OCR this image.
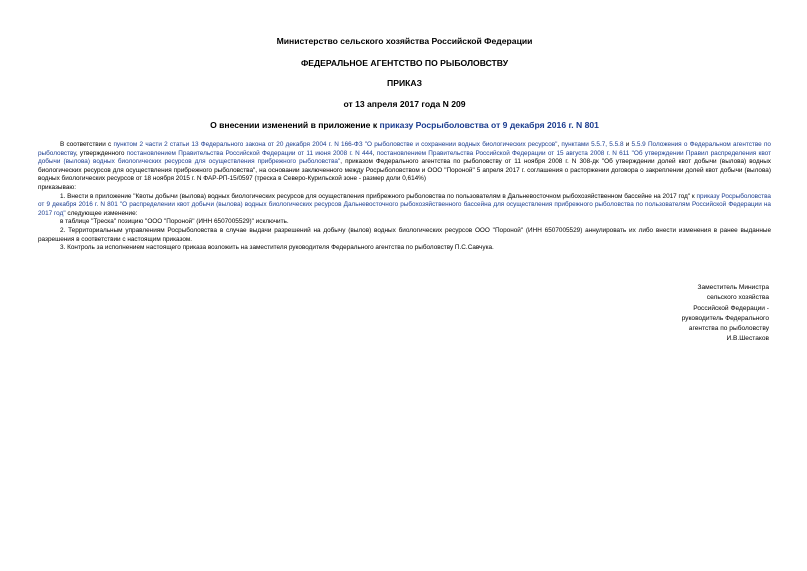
Министерство сельского хозяйства Российской Федерации
ФЕДЕРАЛЬНОЕ АГЕНТСТВО ПО РЫБОЛОВСТВУ
ПРИКАЗ
от 13 апреля 2017 года N 209
О внесении изменений в приложение к приказу Росрыболовства от 9 декабря 2016 г. N 801

В соответствии с пунктом 2 части 2 статьи 13 Федерального закона от 20 декабря 2004 г. N 166-ФЗ "О рыболовстве и сохранении водных биологических ресурсов", пунктами 5.5.7, 5.5.8 и 5.5.9 Положения о Федеральном агентстве по рыболовству, утвержденного постановлением Правительства Российской Федерации от 11 июня 2008 г. N 444, постановлением Правительства Российской Федерации от 15 августа 2008 г. N 611 "Об утверждении Правил распределения квот добычи (вылова) водных биологических ресурсов для осуществления прибрежного рыболовства", приказом Федерального агентства по рыболовству от 11 ноября 2008 г. N 308-дк "Об утверждении долей квот добычи (вылова) водных биологических ресурсов для осуществления прибрежного рыболовства", на основании заключенного между Росрыболовством и ООО "Пороной" 5 апреля 2017 г. соглашения о расторжении договора о закреплении долей квот добычи (вылова) водных биологических ресурсов от 18 ноября 2015 г. N ФАР-РП-15/0597 (треска в Северо-Курильской зоне - размер доли 0,614%)

приказываю:

1. Внести в приложение "Квоты добычи (вылова) водных биологических ресурсов для осуществления прибрежного рыболовства по пользователям в Дальневосточном рыбохозяйственном бассейне на 2017 год" к приказу Росрыболовства от 9 декабря 2016 г. N 801 "О распределении квот добычи (вылова) водных биологических ресурсов Дальневосточного рыбохозяйственного бассейна для осуществления прибрежного рыболовства по пользователям Российской Федерации на 2017 год" следующее изменение:

в таблице "Треска" позицию "ООО "Пороной" (ИНН 6507005529)" исключить.

2. Территориальным управлениям Росрыболовства в случае выдачи разрешений на добычу (вылов) водных биологических ресурсов ООО "Пороной" (ИНН 6507005529) аннулировать их либо внести изменения в ранее выданные разрешения в соответствии с настоящим приказом.

3. Контроль за исполнением настоящего приказа возложить на заместителя руководителя Федерального агентства по рыболовству П.С.Савчука.

Заместитель Министра
сельского хозяйства
Российской Федерации -
руководитель Федерального
агентства по рыболовству
И.В.Шестаков
